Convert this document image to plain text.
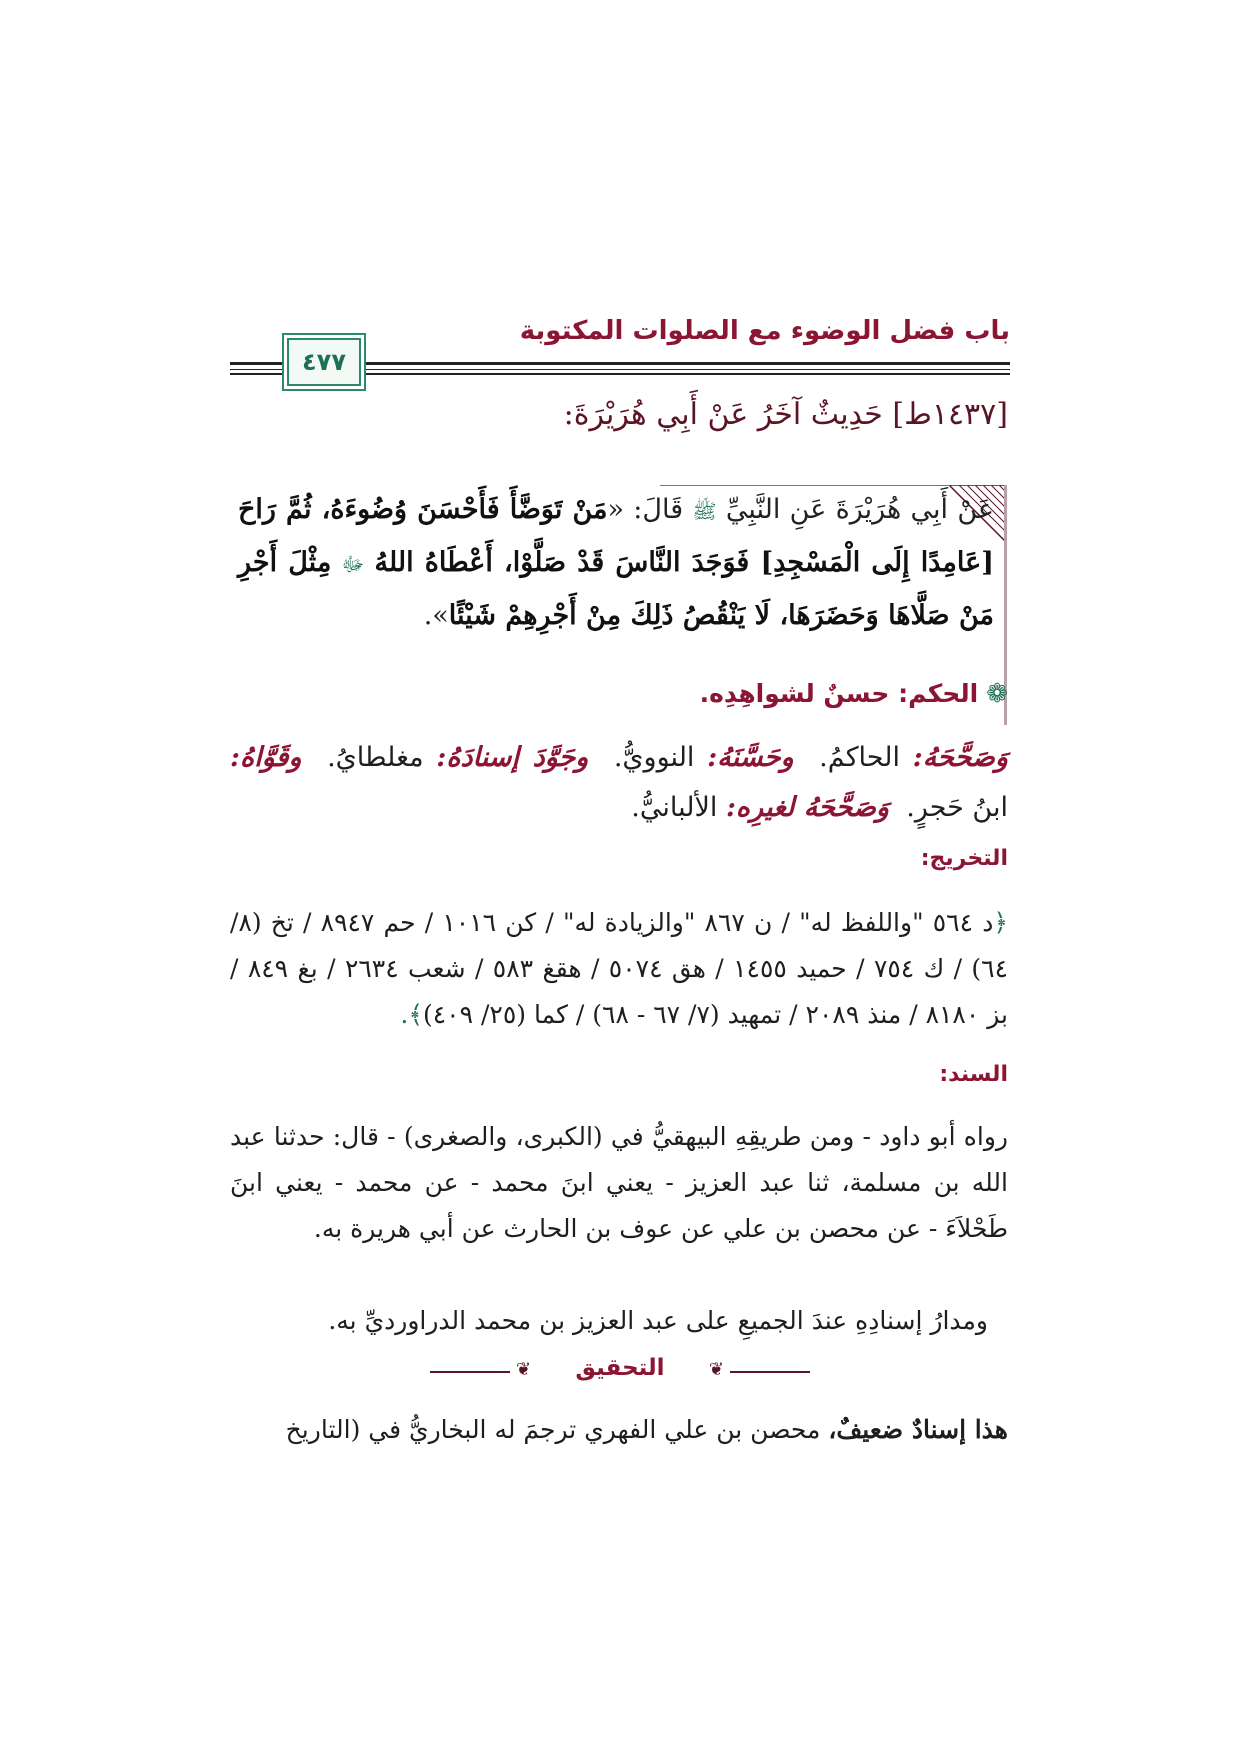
باب فضل الوضوء مع الصلوات المكتوبة
٤٧٧
[١٤٣٧ط] حَدِيثٌ آخَرُ عَنْ أَبِي هُرَيْرَةَ:
عَنْ أَبِي هُرَيْرَةَ عَنِ النَّبِيِّ ﷺ قَالَ: «مَنْ تَوَضَّأَ فَأَحْسَنَ وُضُوءَهُ، ثُمَّ رَاحَ [عَامِدًا إِلَى الْمَسْجِدِ] فَوَجَدَ النَّاسَ قَدْ صَلَّوْا، أَعْطَاهُ اللهُ ﷻ مِثْلَ أَجْرِ مَنْ صَلَّاهَا وَحَضَرَهَا، لَا يَنْقُصُ ذَلِكَ مِنْ أَجْرِهِمْ شَيْئًا».
❁الحكم: حسنٌ لشواهِدِه.
وَصَحَّحَهُ: الحاكمُ.  وحَسَّنَهُ: النوويُّ.  وجَوَّدَ إسنادَهُ: مغلطايُ.  وقَوَّاهُ: ابنُ حَجرٍ.  وَصَحَّحَهُ لغيرِه: الألبانيُّ.
التخريج:
﴿د ٥٦٤ "واللفظ له" / ن ٨٦٧ "والزيادة له" / كن ١٠١٦ / حم ٨٩٤٧ / تخ (٨/ ٦٤) / ك ٧٥٤ / حميد ١٤٥٥ / هق ٥٠٧٤ / هقغ ٥٨٣ / شعب ٢٦٣٤ / بغ ٨٤٩ / بز ٨١٨٠ / منذ ٢٠٨٩ / تمهيد (٧/ ٦٧ - ٦٨) / كما (٢٥/ ٤٠٩)﴾.
السند:
رواه أبو داود - ومن طريقِهِ البيهقيُّ في (الكبرى، والصغرى) - قال: حدثنا عبد الله بن مسلمة، ثنا عبد العزيز - يعني ابنَ محمد - عن محمد - يعني ابنَ طَحْلاَءَ - عن محصن بن علي عن عوف بن الحارث عن أبي هريرة به.
ومدارُ إسنادِهِ عندَ الجميعِ على عبد العزيز بن محمد الدراورديِّ به.
❦	❦
التحقيق
هذا إسنادٌ ضعيفٌ، محصن بن علي الفهري ترجمَ له البخاريُّ في (التاريخ
